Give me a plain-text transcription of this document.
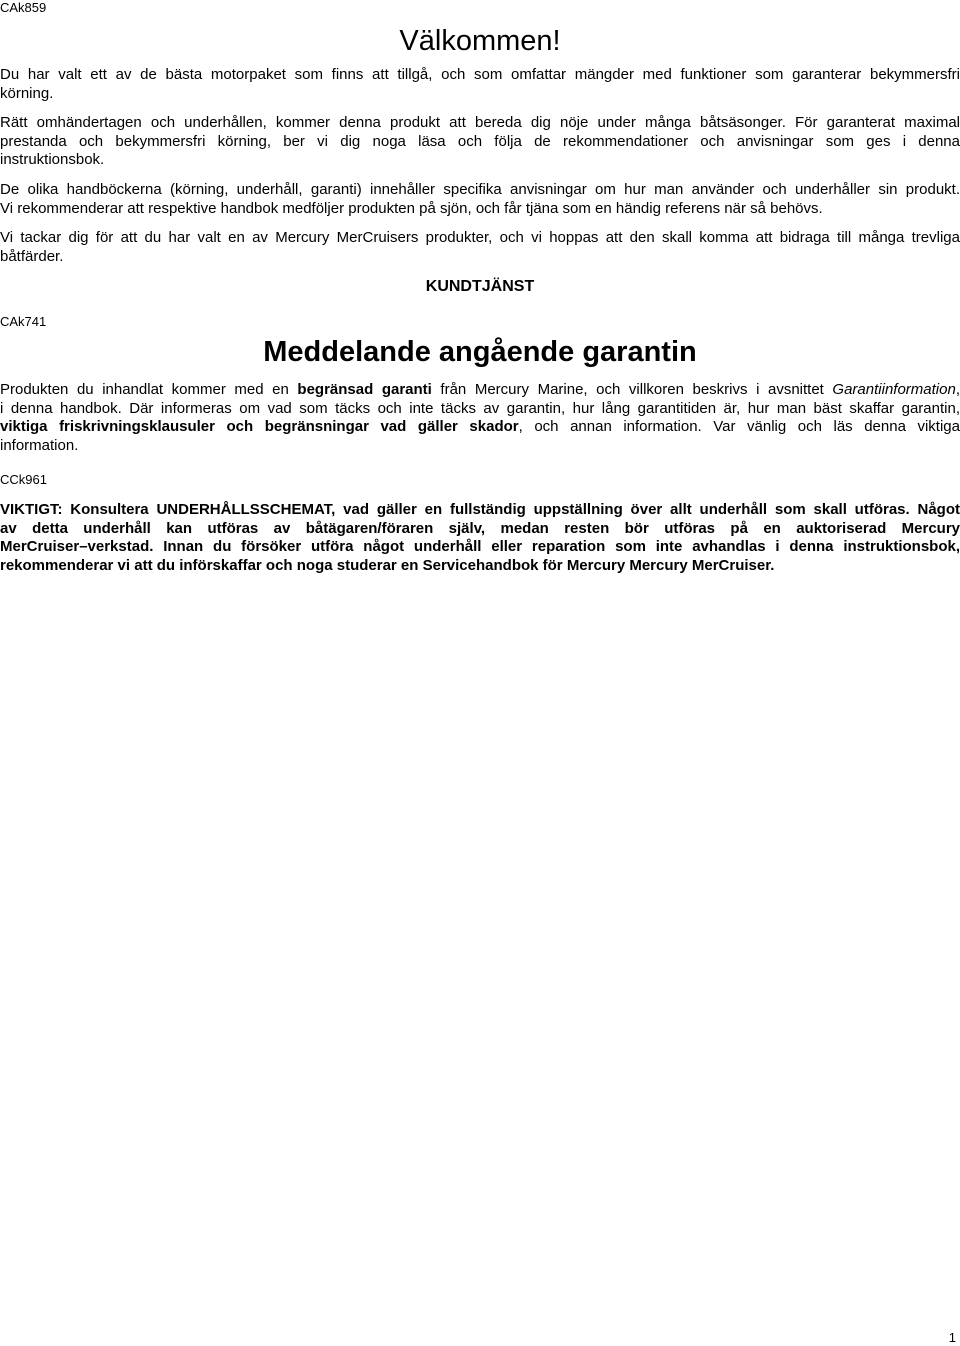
CAk859
Välkommen!
Du har valt ett av de bästa motorpaket som finns att tillgå, och som omfattar mängder med funktioner som garanterar bekymmersfri
körning.
Rätt omhändertagen och underhållen, kommer denna produkt att bereda dig nöje under många båtsäsonger. För garanterat maximal
prestanda och bekymmersfri körning, ber vi dig noga läsa och följa de rekommendationer och anvisningar som ges i denna
instruktionsbok.
De olika handböckerna (körning, underhåll, garanti) innehåller specifika anvisningar om hur man använder och underhåller sin produkt.
Vi rekommenderar att respektive handbok medföljer produkten på sjön, och får tjäna som en händig referens när så behövs.
Vi tackar dig för att du har valt en av Mercury MerCruisers produkter, och vi hoppas att den skall komma att bidraga till många trevliga
båtfärder.
KUNDTJÄNST
CAk741
Meddelande angående garantin
Produkten du inhandlat kommer med en begränsad garanti från Mercury Marine, och villkoren beskrivs i avsnittet Garantiinformation,
i denna handbok. Där informeras om vad som täcks och inte täcks av garantin, hur lång garantitiden är, hur man bäst skaffar garantin,
viktiga friskrivningsklausuler och begränsningar vad gäller skador, och annan information. Var vänlig och läs denna viktiga
information.
CCk961
VIKTIGT: Konsultera UNDERHÅLLSSCHEMAT, vad gäller en fullständig uppställning över allt underhåll som skall utföras. Något
av detta underhåll kan utföras av båtägaren/föraren själv, medan resten bör utföras på en auktoriserad Mercury
MerCruiser–verkstad. Innan du försöker utföra något underhåll eller reparation som inte avhandlas i denna instruktionsbok,
rekommenderar vi att du införskaffar och noga studerar en Servicehandbok för Mercury Mercury MerCruiser.
1
